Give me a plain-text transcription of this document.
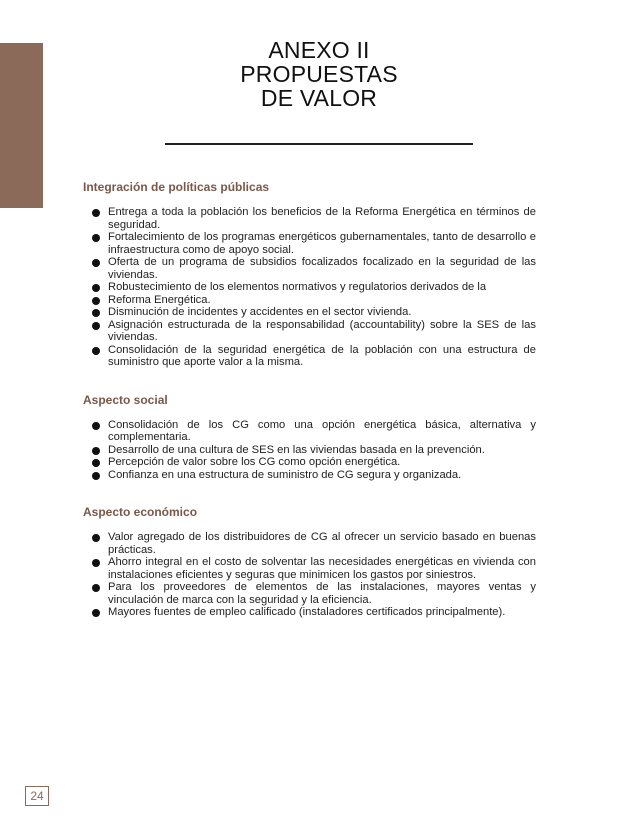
ANEXO II
PROPUESTAS
DE VALOR
Integración de políticas públicas
Entrega a toda la población los beneficios de la Reforma Energética en términos de seguridad.
Fortalecimiento de los programas energéticos gubernamentales, tanto de desarrollo e infraestructura como de apoyo social.
Oferta de un programa de subsidios focalizados focalizado en la seguridad de las viviendas.
Robustecimiento de los elementos normativos y regulatorios derivados de la
Reforma Energética.
Disminución de incidentes y accidentes en el sector vivienda.
Asignación estructurada de la responsabilidad (accountability) sobre la SES de las viviendas.
Consolidación de la seguridad energética de la población con una estructura de suministro que aporte valor a la misma.
Aspecto social
Consolidación de los CG como una opción energética básica, alternativa y complementaria.
Desarrollo de una cultura de SES en las viviendas basada en la prevención.
Percepción de valor sobre los CG como opción energética.
Confianza en una estructura de suministro de CG segura y organizada.
Aspecto económico
Valor agregado de los distribuidores de CG al ofrecer un servicio basado en buenas prácticas.
Ahorro integral en el costo de solventar las necesidades energéticas en vivienda con instalaciones eficientes y seguras que minimicen los gastos por siniestros.
Para los proveedores de elementos de las instalaciones, mayores ventas y vinculación de marca con la seguridad y la eficiencia.
Mayores fuentes de empleo calificado (instaladores certificados principalmente).
24
